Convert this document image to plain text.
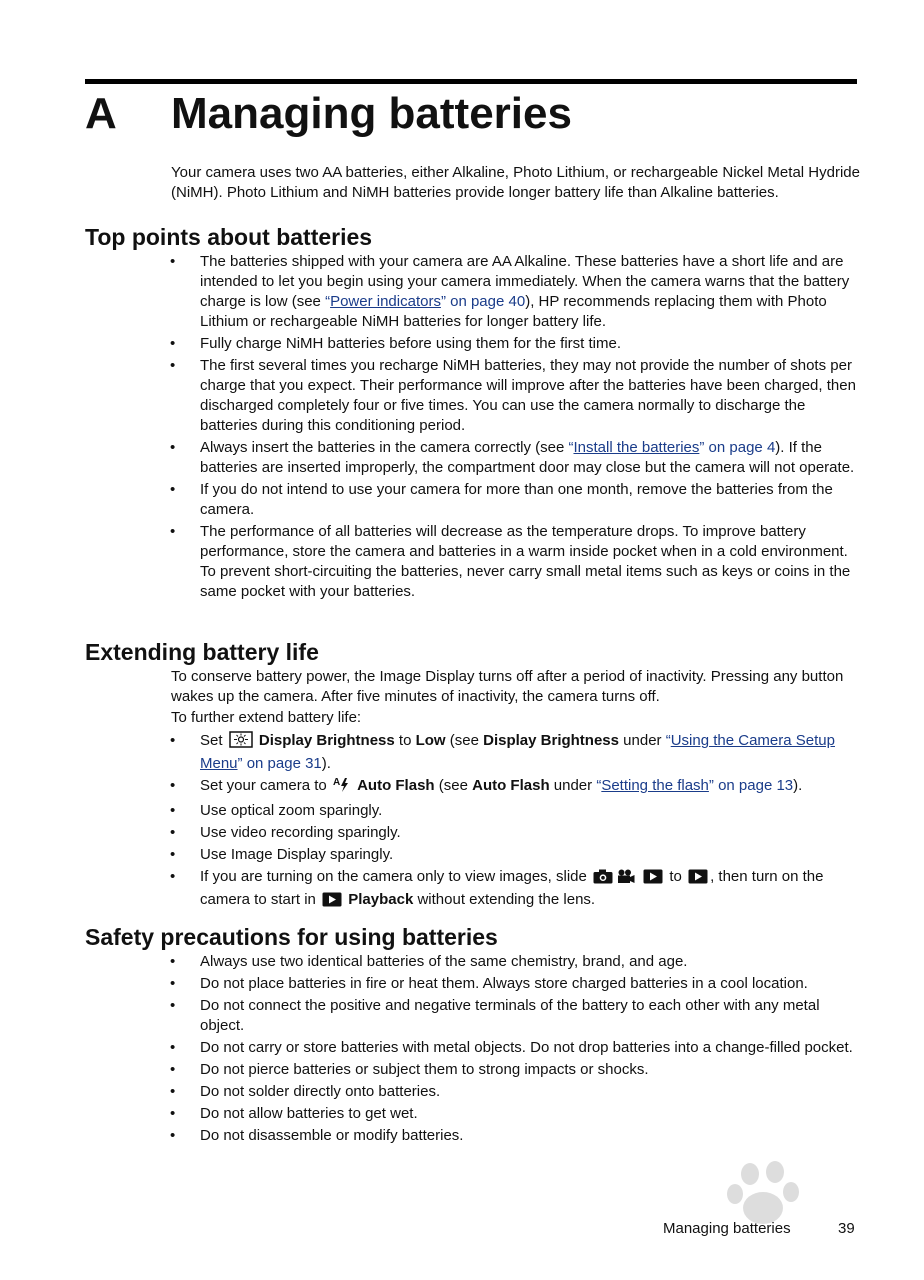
A Managing batteries

Your camera uses two AA batteries, either Alkaline, Photo Lithium, or rechargeable Nickel Metal Hydride (NiMH). Photo Lithium and NiMH batteries provide longer battery life than Alkaline batteries.

Top points about batteries
• The batteries shipped with your camera are AA Alkaline. These batteries have a short life and are intended to let you begin using your camera immediately. When the camera warns that the battery charge is low (see “Power indicators” on page 40), HP recommends replacing them with Photo Lithium or rechargeable NiMH batteries for longer battery life.
• Fully charge NiMH batteries before using them for the first time.
• The first several times you recharge NiMH batteries, they may not provide the number of shots per charge that you expect. Their performance will improve after the batteries have been charged, then discharged completely four or five times. You can use the camera normally to discharge the batteries during this conditioning period.
• Always insert the batteries in the camera correctly (see “Install the batteries” on page 4). If the batteries are inserted improperly, the compartment door may close but the camera will not operate.
• If you do not intend to use your camera for more than one month, remove the batteries from the camera.
• The performance of all batteries will decrease as the temperature drops. To improve battery performance, store the camera and batteries in a warm inside pocket when in a cold environment. To prevent short-circuiting the batteries, never carry small metal items such as keys or coins in the same pocket with your batteries.
Extending battery life

To conserve battery power, the Image Display turns off after a period of inactivity. Pressing any button wakes up the camera. After five minutes of inactivity, the camera turns off.

To further extend battery life:

• Set Display Brightness to Low (see Display Brightness under “Using the Camera Setup Menu” on page 31).
• Set your camera to A Auto Flash (see Auto Flash under “Setting the flash” on page 13).
• Use optical zoom sparingly.
• Use video recording sparingly.
• Use Image Display sparingly.
• If you are turning on the camera only to view images, slide	to , then turn on the camera to start in Playback without extending the lens.
Safety precautions for using batteries
• Always use two identical batteries of the same chemistry, brand, and age.
• Do not place batteries in fire or heat them. Always store charged batteries in a cool location.
• Do not connect the positive and negative terminals of the battery to each other with any metal object.
• Do not carry or store batteries with metal objects. Do not drop batteries into a change-filled pocket.
• Do not pierce batteries or subject them to strong impacts or shocks.
• Do not solder directly onto batteries.
• Do not allow batteries to get wet.
• Do not disassemble or modify batteries.
Managing batteries	39
